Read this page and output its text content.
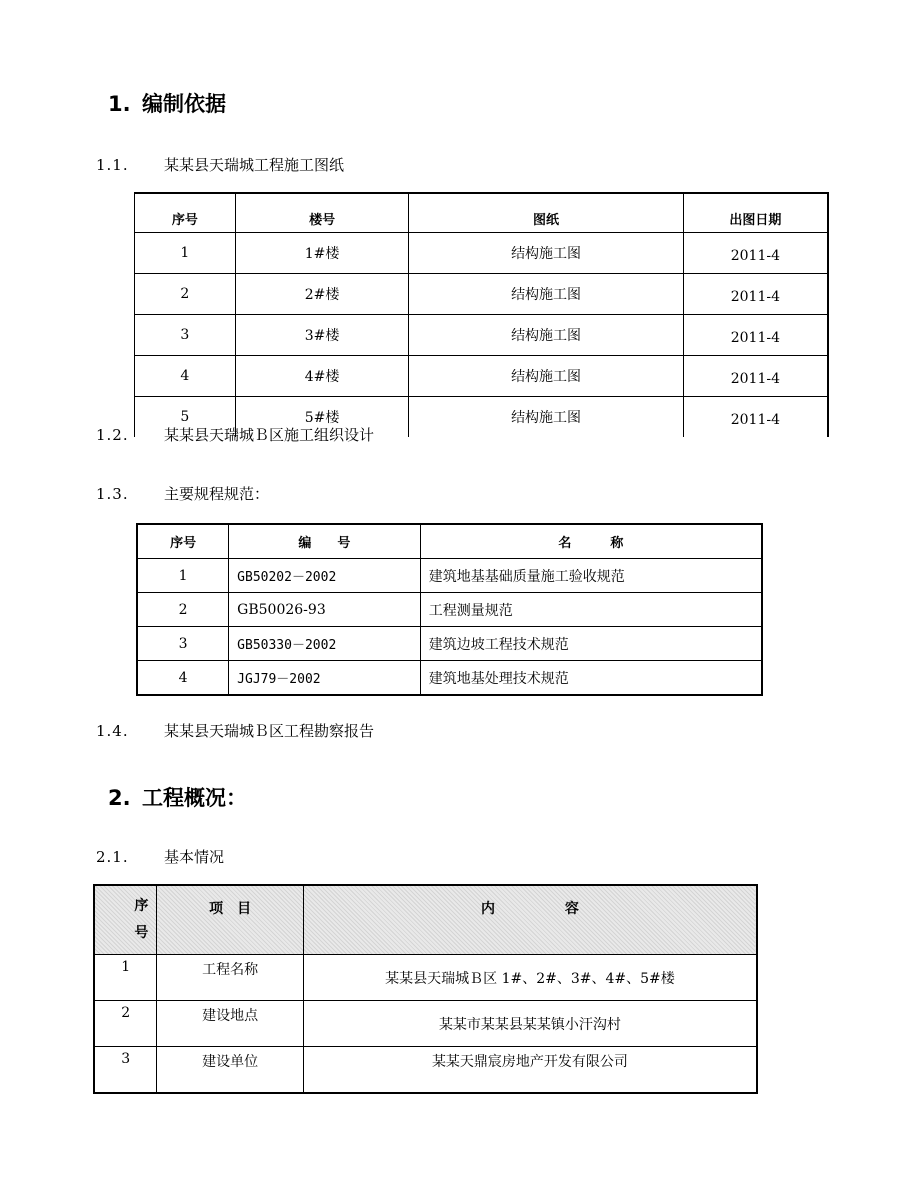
1. 编制依据
1.1. 某某县天瑞城工程施工图纸
序号	楼号	图纸	出图日期
1	1#楼	结构施工图	2011-4
2	2#楼	结构施工图	2011-4
3	3#楼	结构施工图	2011-4
4	4#楼	结构施工图	2011-4
5	5#楼	结构施工图	2011-4
1.2. 某某县天瑞城Ｂ区施工组织设计
1.3. 主要规程规范：
序号	编　　号	名　　　称
1	GB50202－2002	建筑地基基础质量施工验收规范
2	GB50026-93	工程测量规范
3	GB50330－2002	建筑边坡工程技术规范
4	JGJ79－2002	建筑地基处理技术规范
1.4. 某某县天瑞城Ｂ区工程勘察报告
2. 工程概况：
2.1. 基本情况
序号	项　目	内　　　　　容
1	工程名称	某某县天瑞城Ｂ区 1#、2#、3#、4#、5#楼
2	建设地点	某某市某某县某某镇小汗沟村
3	建设单位	某某天鼎宸房地产开发有限公司
